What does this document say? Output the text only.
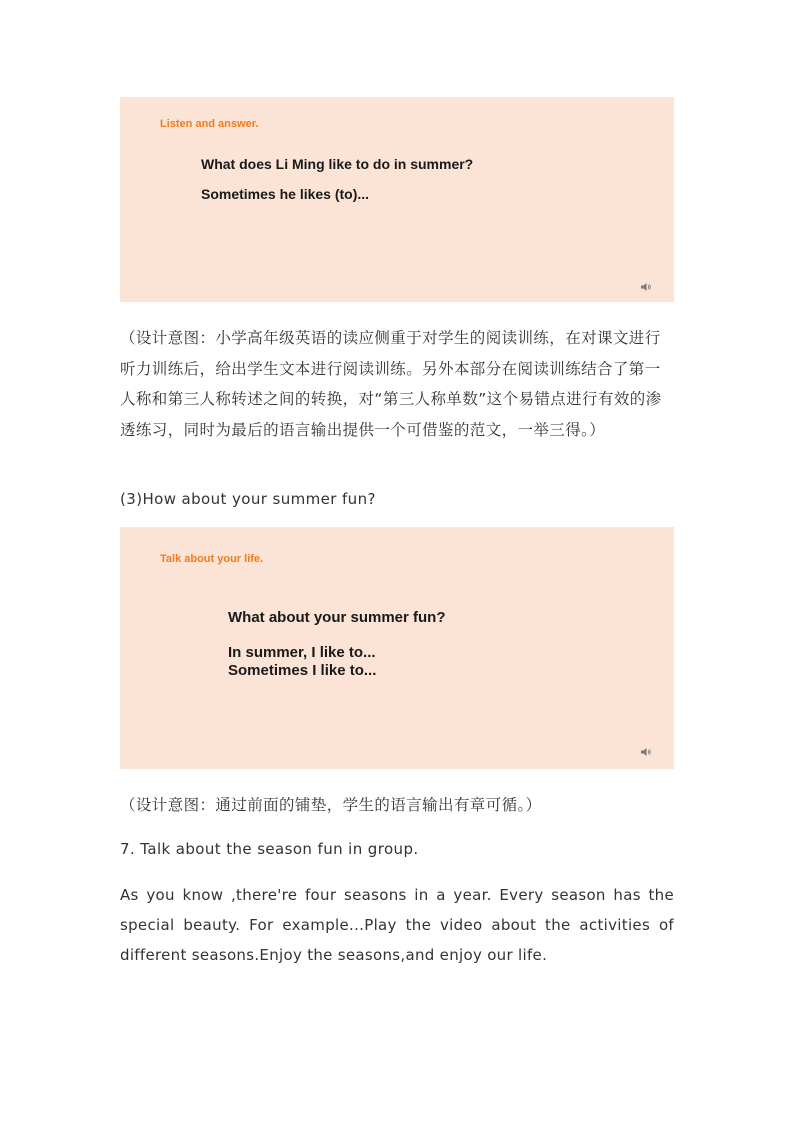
Listen and answer.
What does Li Ming like to do in summer?
Sometimes he likes (to)...

（设计意图：小学高年级英语的读应侧重于对学生的阅读训练，在对课文进行听力训练后，给出学生文本进行阅读训练。另外本部分在阅读训练结合了第一人称和第三人称转述之间的转换，对“第三人称单数”这个易错点进行有效的渗透练习，同时为最后的语言输出提供一个可借鉴的范文，一举三得。）

(3)How about your summer fun?

Talk about your life.
What about your summer fun?
In summer, I like to...
Sometimes I like to...

（设计意图：通过前面的铺垫，学生的语言输出有章可循。）

7. Talk about the season fun in group.

As you know ,there're four seasons in a year. Every season has the special beauty. For example...Play the video about the activities of different seasons.Enjoy the seasons,and enjoy our life.
